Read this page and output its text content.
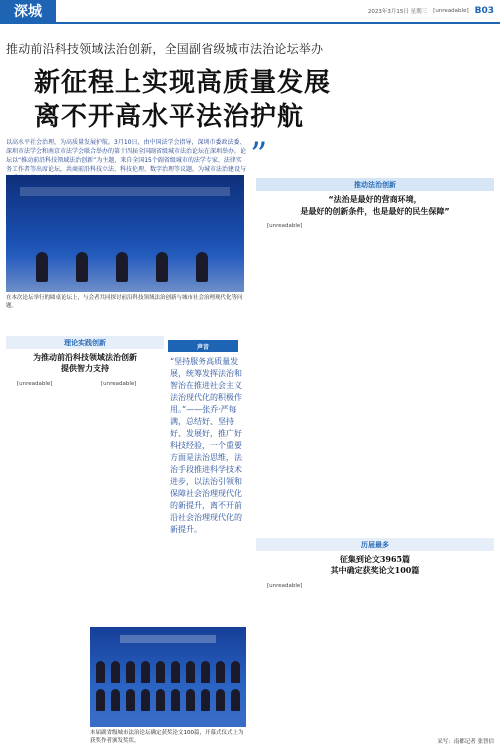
深城	2023年3月15日 星期三 [unreadable] B03
推动前沿科技领域法治创新，全国副省级城市法治论坛举办
新征程上实现高质量发展
离不开高水平法治护航
以高水平社会治理，为高质量发展护航。3月10日，由中国法学会指导，深圳市委政法委、深圳市法学会和南京市法学会联合举办的第十四届全国副省级城市法治论坛在深圳举办。论坛以“推动前沿科技领域法治创新”为主题，来自全国15个副省级城市的法学专家、法律实务工作者等出席论坛，共商前沿科技立法、科技伦理、数字治理等议题，为城市法治建设与 ”
在本次论坛举行的圆桌论坛上，与会者共同探讨前沿科技领域法治创新与城市社会治理现代化等问题。
推动法治创新
“法治是最好的营商环境，
是最好的创新条件，也是最好的民生保障”

[unreadable]

理论实践创新
为推动前沿科技领域法治创新
提供智力支持

[unreadable]	[unreadable]

声音
“坚持服务高质量发展，统筹发挥法治和智治在推进社会主义法治现代化的积极作用。”——张乔·严每满，总结好、坚持好、发展好，推广好科技经验，一个重要方面是法治思维，法治手段推进科学技术进步，以法治引领和保障社会治理现代化的新提升，离不开前沿社会治理现代化的新提升。
历届最多
征集到论文3965篇
其中确定获奖论文100篇

[unreadable]

本届副省级城市法治论坛确定获奖论文100篇，开幕式仪式上为获奖作者颁发奖状。	采写：南都记者 张智信
